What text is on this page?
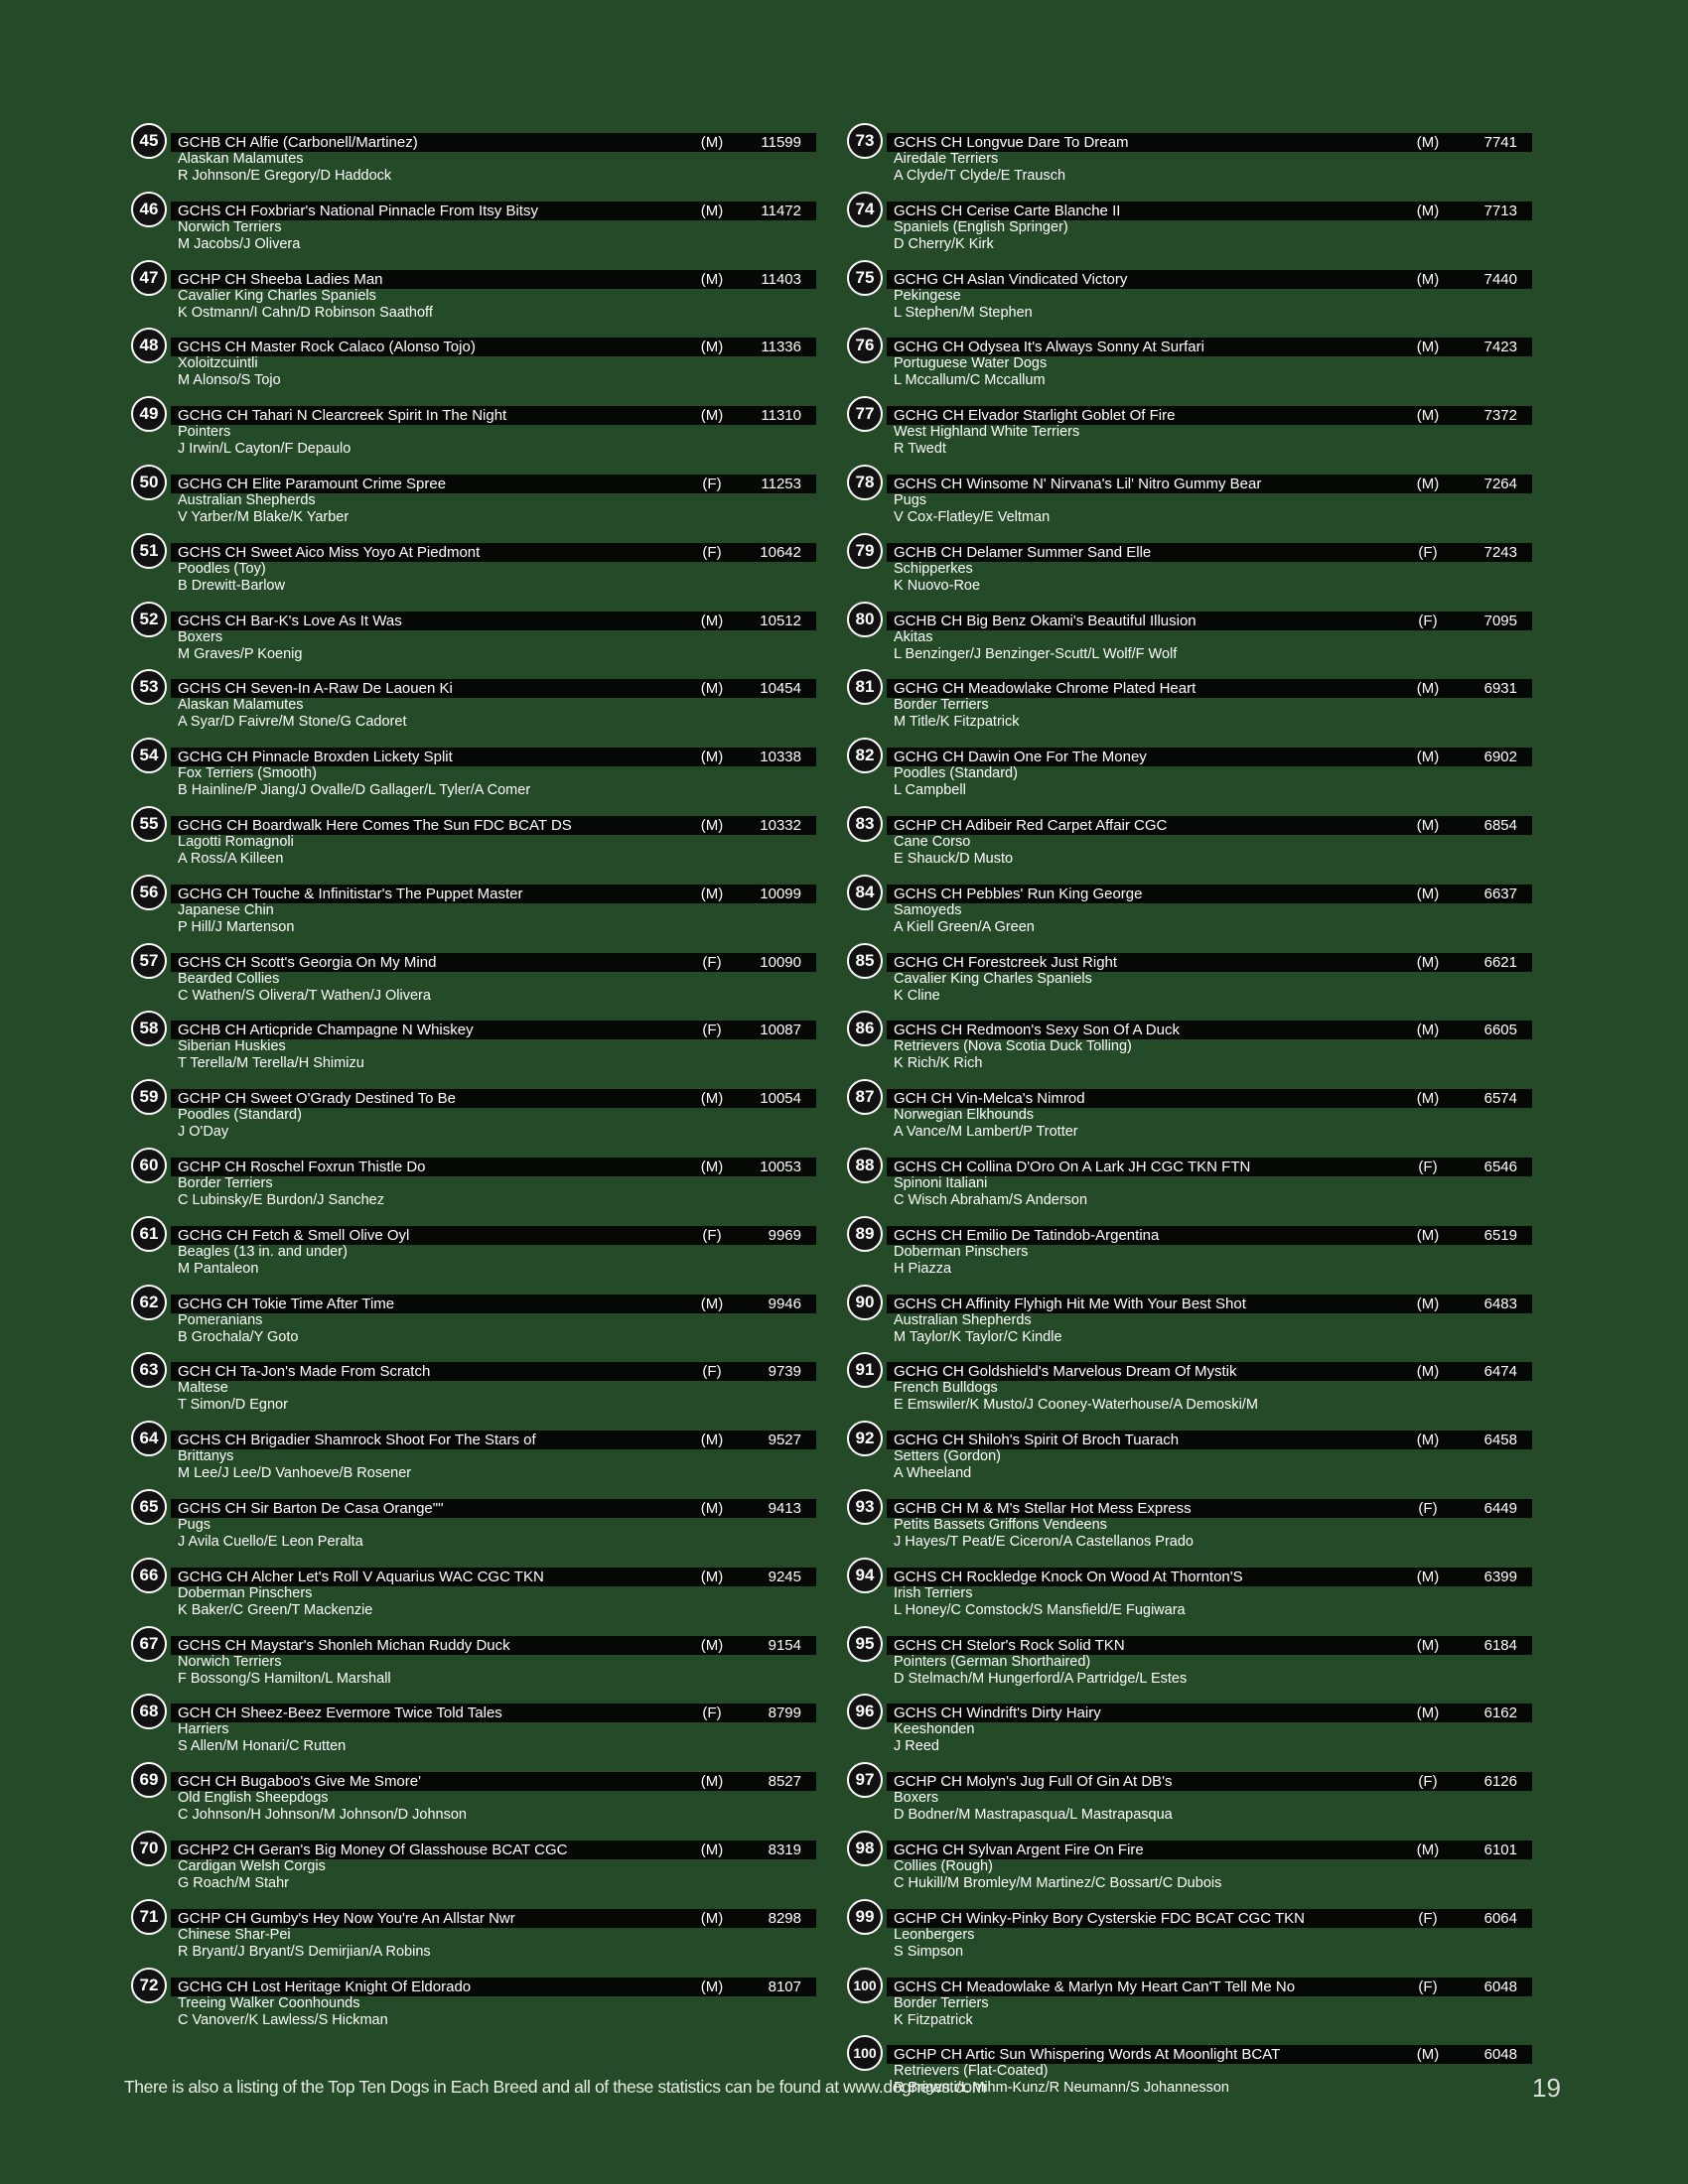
45	GCHB CH Alfie (Carbonell/Martinez)	(M)	11599
Alaskan Malamutes
R Johnson/E Gregory/D Haddock
46	GCHS CH Foxbriar's National Pinnacle From Itsy Bitsy	(M)	11472
Norwich Terriers
M Jacobs/J Olivera
47	GCHP CH Sheeba Ladies Man	(M)	11403
Cavalier King Charles Spaniels
K Ostmann/I Cahn/D Robinson Saathoff
48	GCHS CH Master Rock Calaco (Alonso Tojo)	(M)	11336
Xoloitzcuintli
M Alonso/S Tojo
49	GCHG CH Tahari N Clearcreek Spirit In The Night	(M)	11310
Pointers
J Irwin/L Cayton/F Depaulo
50	GCHG CH Elite Paramount Crime Spree	(F)	11253
Australian Shepherds
V Yarber/M Blake/K Yarber
51	GCHS CH Sweet Aico Miss Yoyo At Piedmont	(F)	10642
Poodles (Toy)
B Drewitt-Barlow
52	GCHS CH Bar-K's Love As It Was	(M)	10512
Boxers
M Graves/P Koenig
53	GCHS CH Seven-In A-Raw De Laouen Ki	(M)	10454
Alaskan Malamutes
A Syar/D Faivre/M Stone/G Cadoret
54	GCHG CH Pinnacle Broxden Lickety Split	(M)	10338
Fox Terriers (Smooth)
B Hainline/P Jiang/J Ovalle/D Gallager/L Tyler/A Comer
55	GCHG CH Boardwalk Here Comes The Sun FDC BCAT DS	(M)	10332
Lagotti Romagnoli
A Ross/A Killeen
56	GCHG CH Touche & Infinitistar's The Puppet Master	(M)	10099
Japanese Chin
P Hill/J Martenson
57	GCHS CH Scott's Georgia On My Mind	(F)	10090
Bearded Collies
C Wathen/S Olivera/T Wathen/J Olivera
58	GCHB CH Articpride Champagne N Whiskey	(F)	10087
Siberian Huskies
T Terella/M Terella/H Shimizu
59	GCHP CH Sweet O'Grady Destined To Be	(M)	10054
Poodles (Standard)
J O'Day
60	GCHP CH Roschel Foxrun Thistle Do	(M)	10053
Border Terriers
C Lubinsky/E Burdon/J Sanchez
61	GCHG CH Fetch & Smell Olive Oyl	(F)	9969
Beagles (13 in. and under)
M Pantaleon
62	GCHG CH Tokie Time After Time	(M)	9946
Pomeranians
B Grochala/Y Goto
63	GCH CH Ta-Jon's Made From Scratch	(F)	9739
Maltese
T Simon/D Egnor
64	GCHS CH Brigadier Shamrock Shoot For The Stars of	(M)	9527
Brittanys
M Lee/J Lee/D Vanhoeve/B Rosener
65	GCHS CH Sir Barton De Casa Orange""	(M)	9413
Pugs
J Avila Cuello/E Leon Peralta
66	GCHG CH Alcher Let's Roll V Aquarius WAC CGC TKN	(M)	9245
Doberman Pinschers
K Baker/C Green/T Mackenzie
67	GCHS CH Maystar's Shonleh Michan Ruddy Duck	(M)	9154
Norwich Terriers
F Bossong/S Hamilton/L Marshall
68	GCH CH Sheez-Beez Evermore Twice Told Tales	(F)	8799
Harriers
S Allen/M Honari/C Rutten
69	GCH CH Bugaboo's Give Me Smore'	(M)	8527
Old English Sheepdogs
C Johnson/H Johnson/M Johnson/D Johnson
70	GCHP2 CH Geran's Big Money Of Glasshouse BCAT CGC	(M)	8319
Cardigan Welsh Corgis
G Roach/M Stahr
71	GCHP CH Gumby's Hey Now You're An Allstar Nwr	(M)	8298
Chinese Shar-Pei
R Bryant/J Bryant/S Demirjian/A Robins
72	GCHG CH Lost Heritage Knight Of Eldorado	(M)	8107
Treeing Walker Coonhounds
C Vanover/K Lawless/S Hickman
73	GCHS CH Longvue Dare To Dream	(M)	7741
Airedale Terriers
A Clyde/T Clyde/E Trausch
74	GCHS CH Cerise Carte Blanche II	(M)	7713
Spaniels (English Springer)
D Cherry/K Kirk
75	GCHG CH Aslan Vindicated Victory	(M)	7440
Pekingese
L Stephen/M Stephen
76	GCHG CH Odysea It's Always Sonny At Surfari	(M)	7423
Portuguese Water Dogs
L Mccallum/C Mccallum
77	GCHG CH Elvador Starlight Goblet Of Fire	(M)	7372
West Highland White Terriers
R Twedt
78	GCHS CH Winsome N' Nirvana's Lil' Nitro Gummy Bear	(M)	7264
Pugs
V Cox-Flatley/E Veltman
79	GCHB CH Delamer Summer Sand Elle	(F)	7243
Schipperkes
K Nuovo-Roe
80	GCHB CH Big Benz Okami's Beautiful Illusion	(F)	7095
Akitas
L Benzinger/J Benzinger-Scutt/L Wolf/F Wolf
81	GCHG CH Meadowlake Chrome Plated Heart	(M)	6931
Border Terriers
M Title/K Fitzpatrick
82	GCHG CH Dawin One For The Money	(M)	6902
Poodles (Standard)
L Campbell
83	GCHP CH Adibeir Red Carpet Affair CGC	(M)	6854
Cane Corso
E Shauck/D Musto
84	GCHS CH Pebbles' Run King George	(M)	6637
Samoyeds
A Kiell Green/A Green
85	GCHG CH Forestcreek Just Right	(M)	6621
Cavalier King Charles Spaniels
K Cline
86	GCHS CH Redmoon's Sexy Son Of A Duck	(M)	6605
Retrievers (Nova Scotia Duck Tolling)
K Rich/K Rich
87	GCH CH Vin-Melca's Nimrod	(M)	6574
Norwegian Elkhounds
A Vance/M Lambert/P Trotter
88	GCHS CH Collina D'Oro On A Lark JH CGC TKN FTN	(F)	6546
Spinoni Italiani
C Wisch Abraham/S Anderson
89	GCHS CH Emilio De Tatindob-Argentina	(M)	6519
Doberman Pinschers
H Piazza
90	GCHS CH Affinity Flyhigh Hit Me With Your Best Shot	(M)	6483
Australian Shepherds
M Taylor/K Taylor/C Kindle
91	GCHG CH Goldshield's Marvelous Dream Of Mystik	(M)	6474
French Bulldogs
E Emswiler/K Musto/J Cooney-Waterhouse/A Demoski/M
92	GCHG CH Shiloh's Spirit Of Broch Tuarach	(M)	6458
Setters (Gordon)
A Wheeland
93	GCHB CH M & M's Stellar Hot Mess Express	(F)	6449
Petits Bassets Griffons Vendeens
J Hayes/T Peat/E Ciceron/A Castellanos Prado
94	GCHS CH Rockledge Knock On Wood At Thornton'S	(M)	6399
Irish Terriers
L Honey/C Comstock/S Mansfield/E Fugiwara
95	GCHS CH Stelor's Rock Solid TKN	(M)	6184
Pointers (German Shorthaired)
D Stelmach/M Hungerford/A Partridge/L Estes
96	GCHS CH Windrift's Dirty Hairy	(M)	6162
Keeshonden
J Reed
97	GCHP CH Molyn's Jug Full Of Gin At DB's	(F)	6126
Boxers
D Bodner/M Mastrapasqua/L Mastrapasqua
98	GCHG CH Sylvan Argent Fire On Fire	(M)	6101
Collies (Rough)
C Hukill/M Bromley/M Martinez/C Bossart/C Dubois
99	GCHP CH Winky-Pinky Bory Cysterskie FDC BCAT CGC TKN	(F)	6064
Leonbergers
S Simpson
100	GCHS CH Meadowlake & Marlyn My Heart Can'T Tell Me No	(F)	6048
Border Terriers
K Fitzpatrick
100	GCHP CH Artic Sun Whispering Words At Moonlight BCAT	(M)	6048
Retrievers (Flat-Coated)
R Briganti/L Mihm-Kunz/R Neumann/S Johannesson
There is also a listing of the Top Ten Dogs in Each Breed and all of these statistics can be found at www.dognews.com	19
